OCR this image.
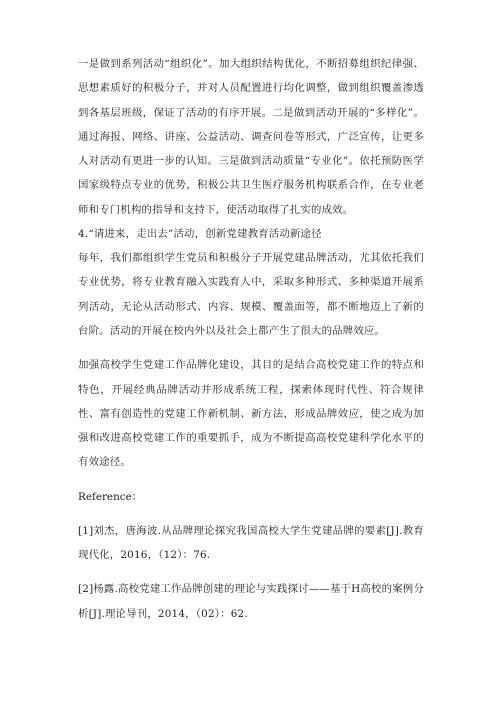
一是做到系列活动“组织化”。加大组织结构优化，不断招募组织纪律强、思想素质好的积极分子，并对人员配置进行均化调整，做到组织覆盖渗透到各基层班级，保证了活动的有序开展。二是做到活动开展的“多样化”。通过海报、网络、讲座、公益活动、调查问卷等形式，广泛宣传，让更多人对活动有更进一步的认知。三是做到活动质量“专业化”。依托预防医学国家级特点专业的优势，积极公共卫生医疗服务机构联系合作，在专业老师和专门机构的指导和支持下，使活动取得了扎实的成效。

4.“请进来，走出去”活动，创新党建教育活动新途径

每年，我们都组织学生党员和积极分子开展党建品牌活动，尤其依托我们专业优势，将专业教育融入实践育人中，采取多种形式、多种渠道开展系列活动，无论从活动形式、内容、规模、覆盖面等，都不断地迈上了新的台阶。活动的开展在校内外以及社会上都产生了很大的品牌效应。

加强高校学生党建工作品牌化建设，其目的是结合高校党建工作的特点和特色，开展经典品牌活动并形成系统工程，探索体现时代性、符合规律性、富有创造性的党建工作新机制、新方法，形成品牌效应，使之成为加强和改进高校党建工作的重要抓手，成为不断提高高校党建科学化水平的有效途径。

Reference：

[1]刘杰，唐海波.从品牌理论探究我国高校大学生党建品牌的要素[J].教育现代化，2016，（12）：76.

[2]杨露.高校党建工作品牌创建的理论与实践探讨——基于H高校的案例分析[J].理论导刊，2014，（02）：62.
